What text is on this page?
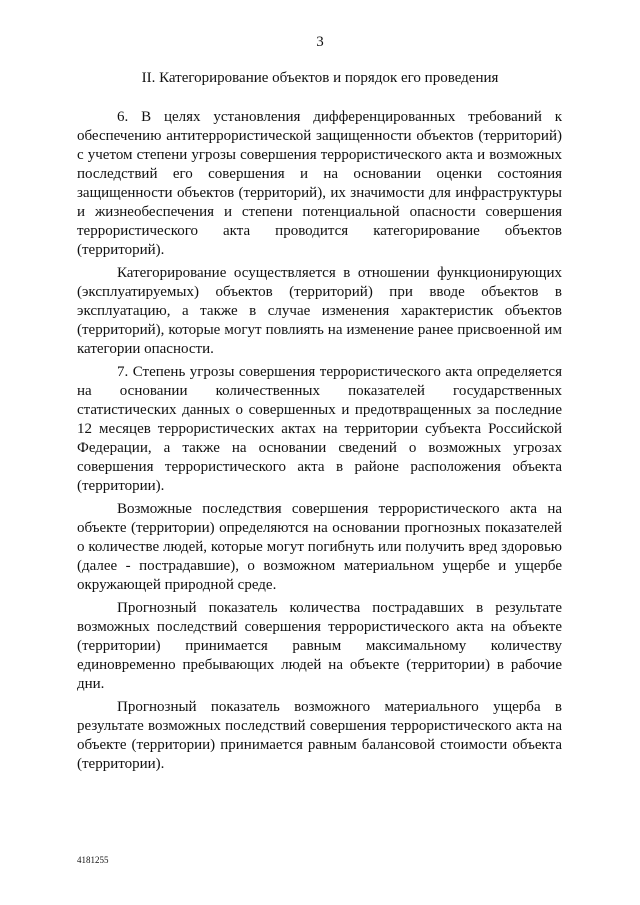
3
II. Категорирование объектов и порядок его проведения

6. В целях установления дифференцированных требований к обеспечению антитеррористической защищенности объектов (территорий) с учетом степени угрозы совершения террористического акта и возможных последствий его совершения и на основании оценки состояния защищенности объектов (территорий), их значимости для инфраструктуры и жизнеобеспечения и степени потенциальной опасности совершения террористического акта проводится категорирование объектов (территорий).

Категорирование осуществляется в отношении функционирующих (эксплуатируемых) объектов (территорий) при вводе объектов в эксплуатацию, а также в случае изменения характеристик объектов (территорий), которые могут повлиять на изменение ранее присвоенной им категории опасности.

7. Степень угрозы совершения террористического акта определяется на основании количественных показателей государственных статистических данных о совершенных и предотвращенных за последние 12 месяцев террористических актах на территории субъекта Российской Федерации, а также на основании сведений о возможных угрозах совершения террористического акта в районе расположения объекта (территории).

Возможные последствия совершения террористического акта на объекте (территории) определяются на основании прогнозных показателей о количестве людей, которые могут погибнуть или получить вред здоровью (далее - пострадавшие), о возможном материальном ущербе и ущербе окружающей природной среде.

Прогнозный показатель количества пострадавших в результате возможных последствий совершения террористического акта на объекте (территории) принимается равным максимальному количеству единовременно пребывающих людей на объекте (территории) в рабочие дни.

Прогнозный показатель возможного материального ущерба в результате возможных последствий совершения террористического акта на объекте (территории) принимается равным балансовой стоимости объекта (территории).

4181255
